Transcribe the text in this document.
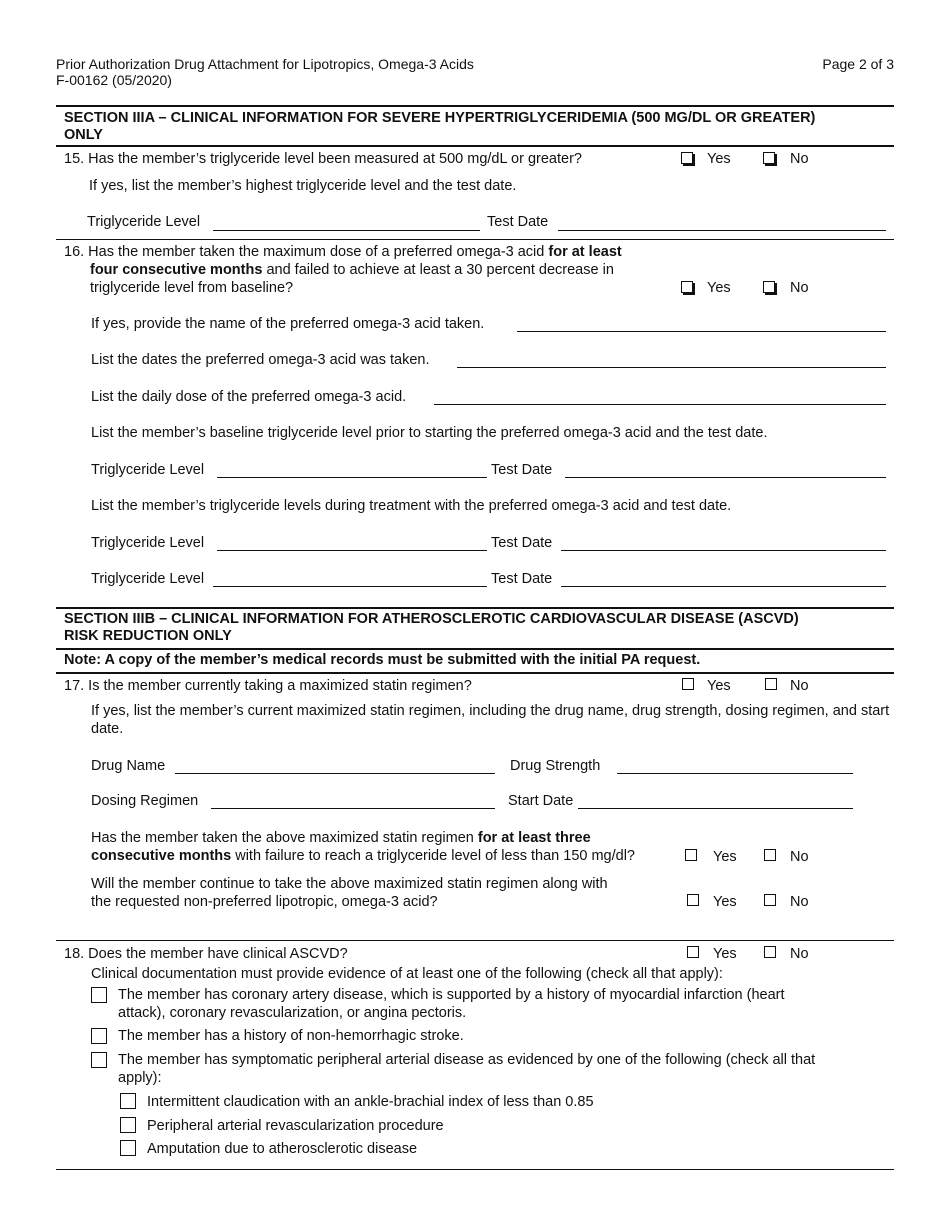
Prior Authorization Drug Attachment for Lipotropics, Omega-3 Acids
F-00162 (05/2020)
Page 2 of 3
SECTION IIIA – CLINICAL INFORMATION FOR SEVERE HYPERTRIGLYCERIDEMIA (500 MG/DL OR GREATER)
ONLY
15. Has the member’s triglyceride level been measured at 500 mg/dL or greater?	Yes	No
If yes, list the member’s highest triglyceride level and the test date.
Triglyceride Level	Test Date
16. Has the member taken the maximum dose of a preferred omega-3 acid for at least
four consecutive months and failed to achieve at least a 30 percent decrease in
triglyceride level from baseline?	Yes	No
If yes, provide the name of the preferred omega-3 acid taken.
List the dates the preferred omega-3 acid was taken.
List the daily dose of the preferred omega-3 acid.
List the member’s baseline triglyceride level prior to starting the preferred omega-3 acid and the test date.
Triglyceride Level	Test Date
List the member’s triglyceride levels during treatment with the preferred omega-3 acid and test date.
Triglyceride Level	Test Date
Triglyceride Level	Test Date
SECTION IIIB – CLINICAL INFORMATION FOR ATHEROSCLEROTIC CARDIOVASCULAR DISEASE (ASCVD)
RISK REDUCTION ONLY
Note: A copy of the member’s medical records must be submitted with the initial PA request.
17. Is the member currently taking a maximized statin regimen?	Yes	No
If yes, list the member’s current maximized statin regimen, including the drug name, drug strength, dosing regimen, and start date.
Drug Name	Drug Strength
Dosing Regimen	Start Date
Has the member taken the above maximized statin regimen for at least three
consecutive months with failure to reach a triglyceride level of less than 150 mg/dl?	Yes	No
Will the member continue to take the above maximized statin regimen along with
the requested non-preferred lipotropic, omega-3 acid?	Yes	No
18. Does the member have clinical ASCVD?	Yes	No
Clinical documentation must provide evidence of at least one of the following (check all that apply):
The member has coronary artery disease, which is supported by a history of myocardial infarction (heart
attack), coronary revascularization, or angina pectoris.
The member has a history of non-hemorrhagic stroke.
The member has symptomatic peripheral arterial disease as evidenced by one of the following (check all that
apply):
Intermittent claudication with an ankle-brachial index of less than 0.85
Peripheral arterial revascularization procedure
Amputation due to atherosclerotic disease
